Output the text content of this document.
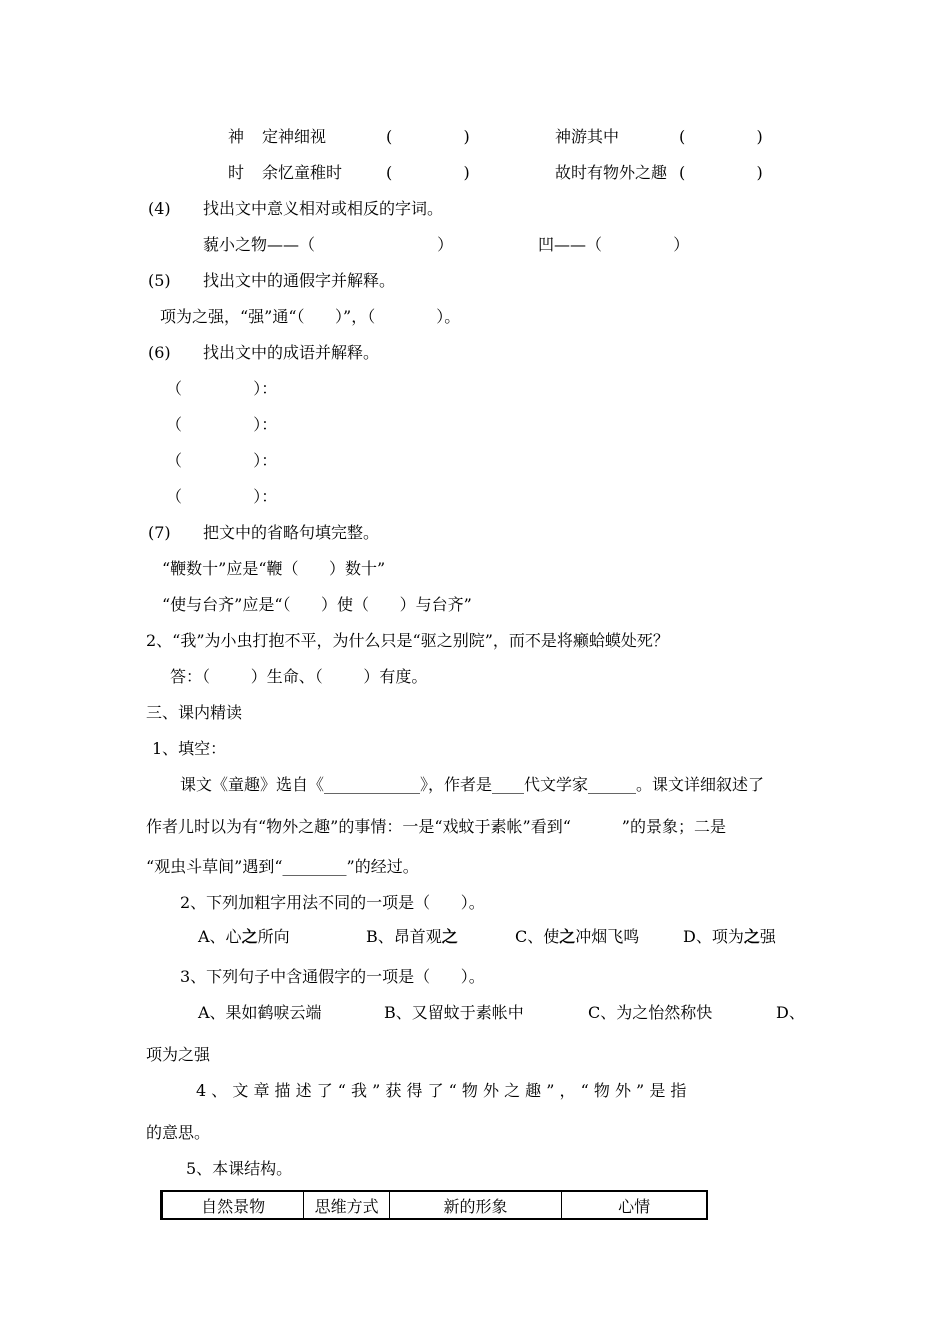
神 定神细视	(              )	神游其中	(              )
时 余忆童稚时	(              )	故时有物外之趣 (              )
(4) 找出文中意义相对或相反的字词。
藐小之物——（                        ）	凹——（              ）
(5) 找出文中的通假字并解释。
项为之强，“强”通“（      ）”，（            ）。
(6) 找出文中的成语并解释。
（              ）：
（              ）：
（              ）：
（              ）：
(7) 把文中的省略句填完整。
“鞭数十”应是“鞭（      ）数十”
“使与台齐”应是“（      ）使（      ）与台齐”
2、“我”为小虫打抱不平，为什么只是“驱之别院”，而不是将癞蛤蟆处死？
答：（        ）生命、（        ）有度。
三、课内精读
1、填空：
课文《童趣》选自《____________》，作者是____代文学家______。课文详细叙述了
作者儿时以为有“物外之趣”的事情：一是“戏蚊于素帐”看到“          ”的景象；二是
“观虫斗草间”遇到“________”的经过。
2、下列加粗字用法不同的一项是（      ）。
A、心之所向	B、昂首观之	C、使之冲烟飞鸣	D、项为之强
3、下列句子中含通假字的一项是（      ）。
A、果如鹤唳云端	B、又留蚊于素帐中	C、为之怡然称快	D、
项为之强
4 、 文 章 描 述 了 “ 我 ” 获 得 了 “ 物 外 之 趣 ” ， “ 物 外 ” 是 指
的意思。
5、本课结构。
自然景物	思维方式	新的形象	心情
